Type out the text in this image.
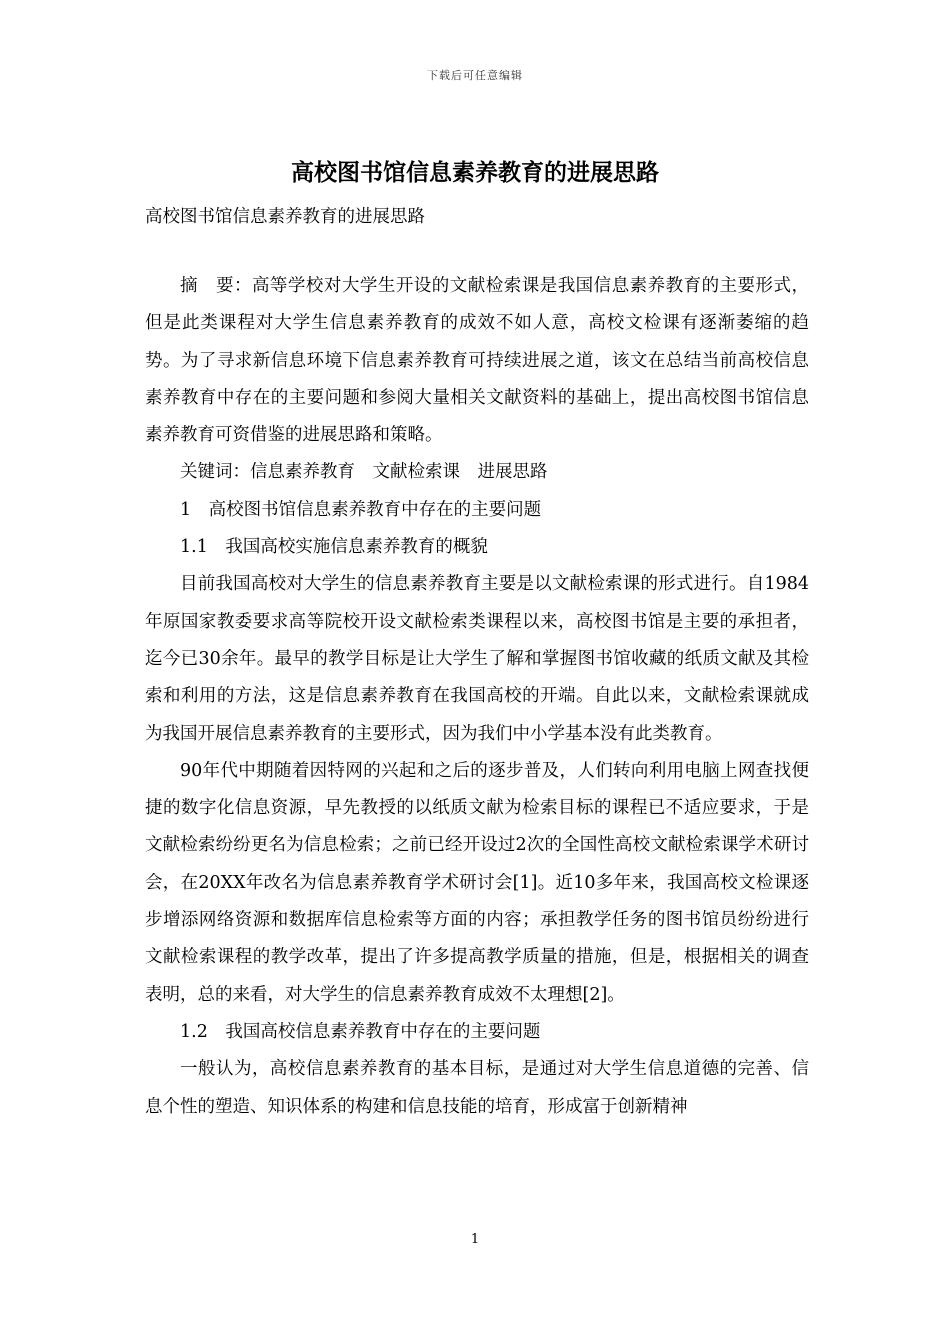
下载后可任意编辑
高校图书馆信息素养教育的进展思路
高校图书馆信息素养教育的进展思路

摘　要：高等学校对大学生开设的文献检索课是我国信息素养教育的主要形式，但是此类课程对大学生信息素养教育的成效不如人意，高校文检课有逐渐萎缩的趋势。为了寻求新信息环境下信息素养教育可持续进展之道，该文在总结当前高校信息素养教育中存在的主要问题和参阅大量相关文献资料的基础上，提出高校图书馆信息素养教育可资借鉴的进展思路和策略。

关键词：信息素养教育　文献检索课　进展思路

1　高校图书馆信息素养教育中存在的主要问题

1.1　我国高校实施信息素养教育的概貌

目前我国高校对大学生的信息素养教育主要是以文献检索课的形式进行。自1984年原国家教委要求高等院校开设文献检索类课程以来，高校图书馆是主要的承担者，迄今已30余年。最早的教学目标是让大学生了解和掌握图书馆收藏的纸质文献及其检索和利用的方法，这是信息素养教育在我国高校的开端。自此以来，文献检索课就成为我国开展信息素养教育的主要形式，因为我们中小学基本没有此类教育。

90年代中期随着因特网的兴起和之后的逐步普及，人们转向利用电脑上网查找便捷的数字化信息资源，早先教授的以纸质文献为检索目标的课程已不适应要求，于是文献检索纷纷更名为信息检索；之前已经开设过2次的全国性高校文献检索课学术研讨会，在20XX年改名为信息素养教育学术研讨会[1]。近10多年来，我国高校文检课逐步增添网络资源和数据库信息检索等方面的内容；承担教学任务的图书馆员纷纷进行文献检索课程的教学改革，提出了许多提高教学质量的措施，但是，根据相关的调查表明，总的来看，对大学生的信息素养教育成效不太理想[2]。

1.2　我国高校信息素养教育中存在的主要问题

一般认为，高校信息素养教育的基本目标，是通过对大学生信息道德的完善、信息个性的塑造、知识体系的构建和信息技能的培育，形成富于创新精神

1
